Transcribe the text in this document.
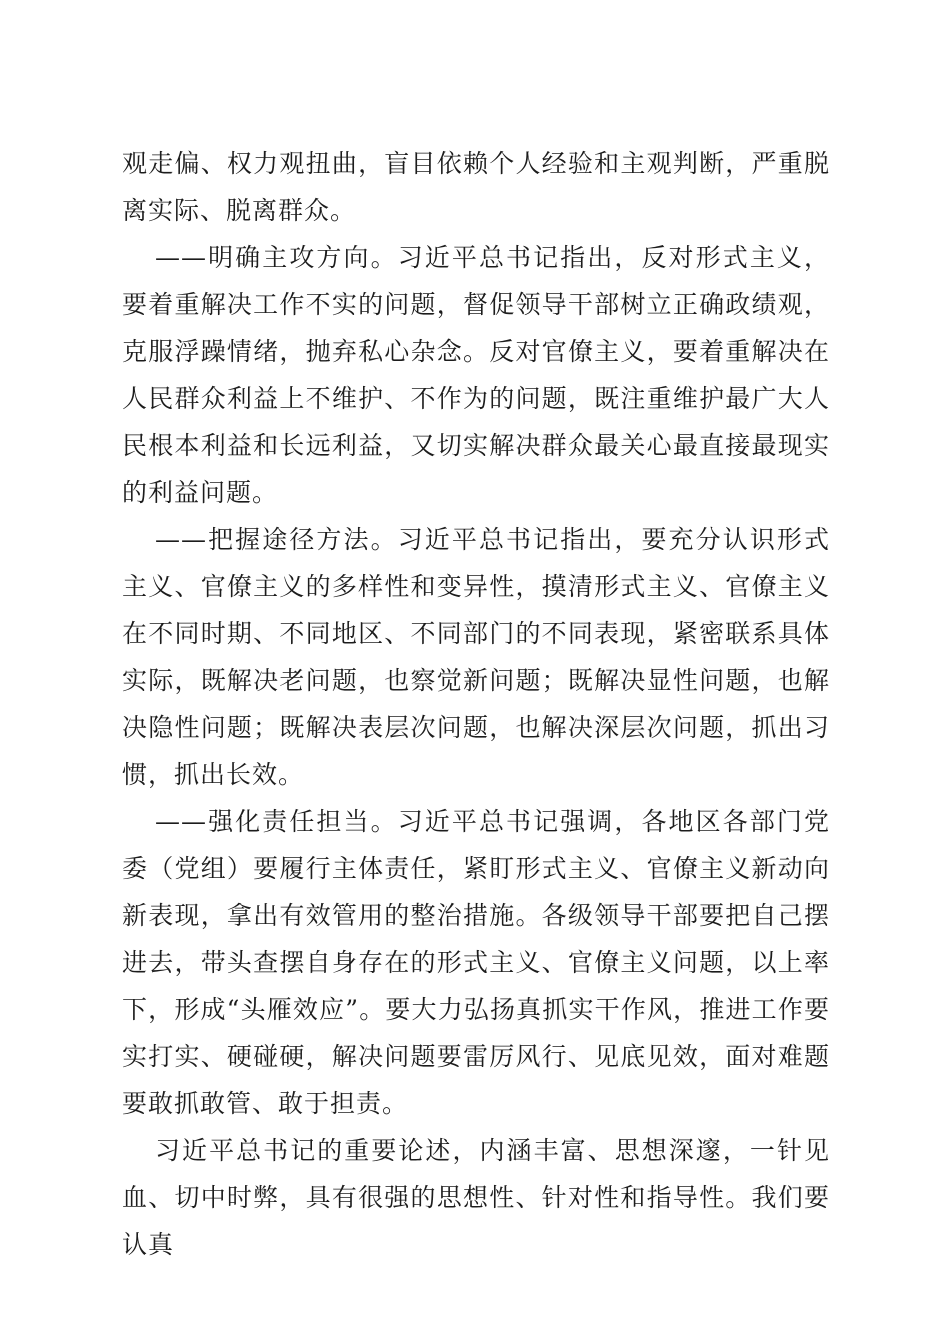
观走偏、权力观扭曲，盲目依赖个人经验和主观判断，严重脱离实际、脱离群众。

——明确主攻方向。习近平总书记指出，反对形式主义，要着重解决工作不实的问题，督促领导干部树立正确政绩观，克服浮躁情绪，抛弃私心杂念。反对官僚主义，要着重解决在人民群众利益上不维护、不作为的问题，既注重维护最广大人民根本利益和长远利益，又切实解决群众最关心最直接最现实的利益问题。

——把握途径方法。习近平总书记指出，要充分认识形式主义、官僚主义的多样性和变异性，摸清形式主义、官僚主义在不同时期、不同地区、不同部门的不同表现，紧密联系具体实际，既解决老问题，也察觉新问题；既解决显性问题，也解决隐性问题；既解决表层次问题，也解决深层次问题，抓出习惯，抓出长效。

——强化责任担当。习近平总书记强调，各地区各部门党委（党组）要履行主体责任，紧盯形式主义、官僚主义新动向新表现，拿出有效管用的整治措施。各级领导干部要把自己摆进去，带头查摆自身存在的形式主义、官僚主义问题，以上率下，形成“头雁效应”。要大力弘扬真抓实干作风，推进工作要实打实、硬碰硬，解决问题要雷厉风行、见底见效，面对难题要敢抓敢管、敢于担责。

习近平总书记的重要论述，内涵丰富、思想深邃，一针见血、切中时弊，具有很强的思想性、针对性和指导性。我们要认真
